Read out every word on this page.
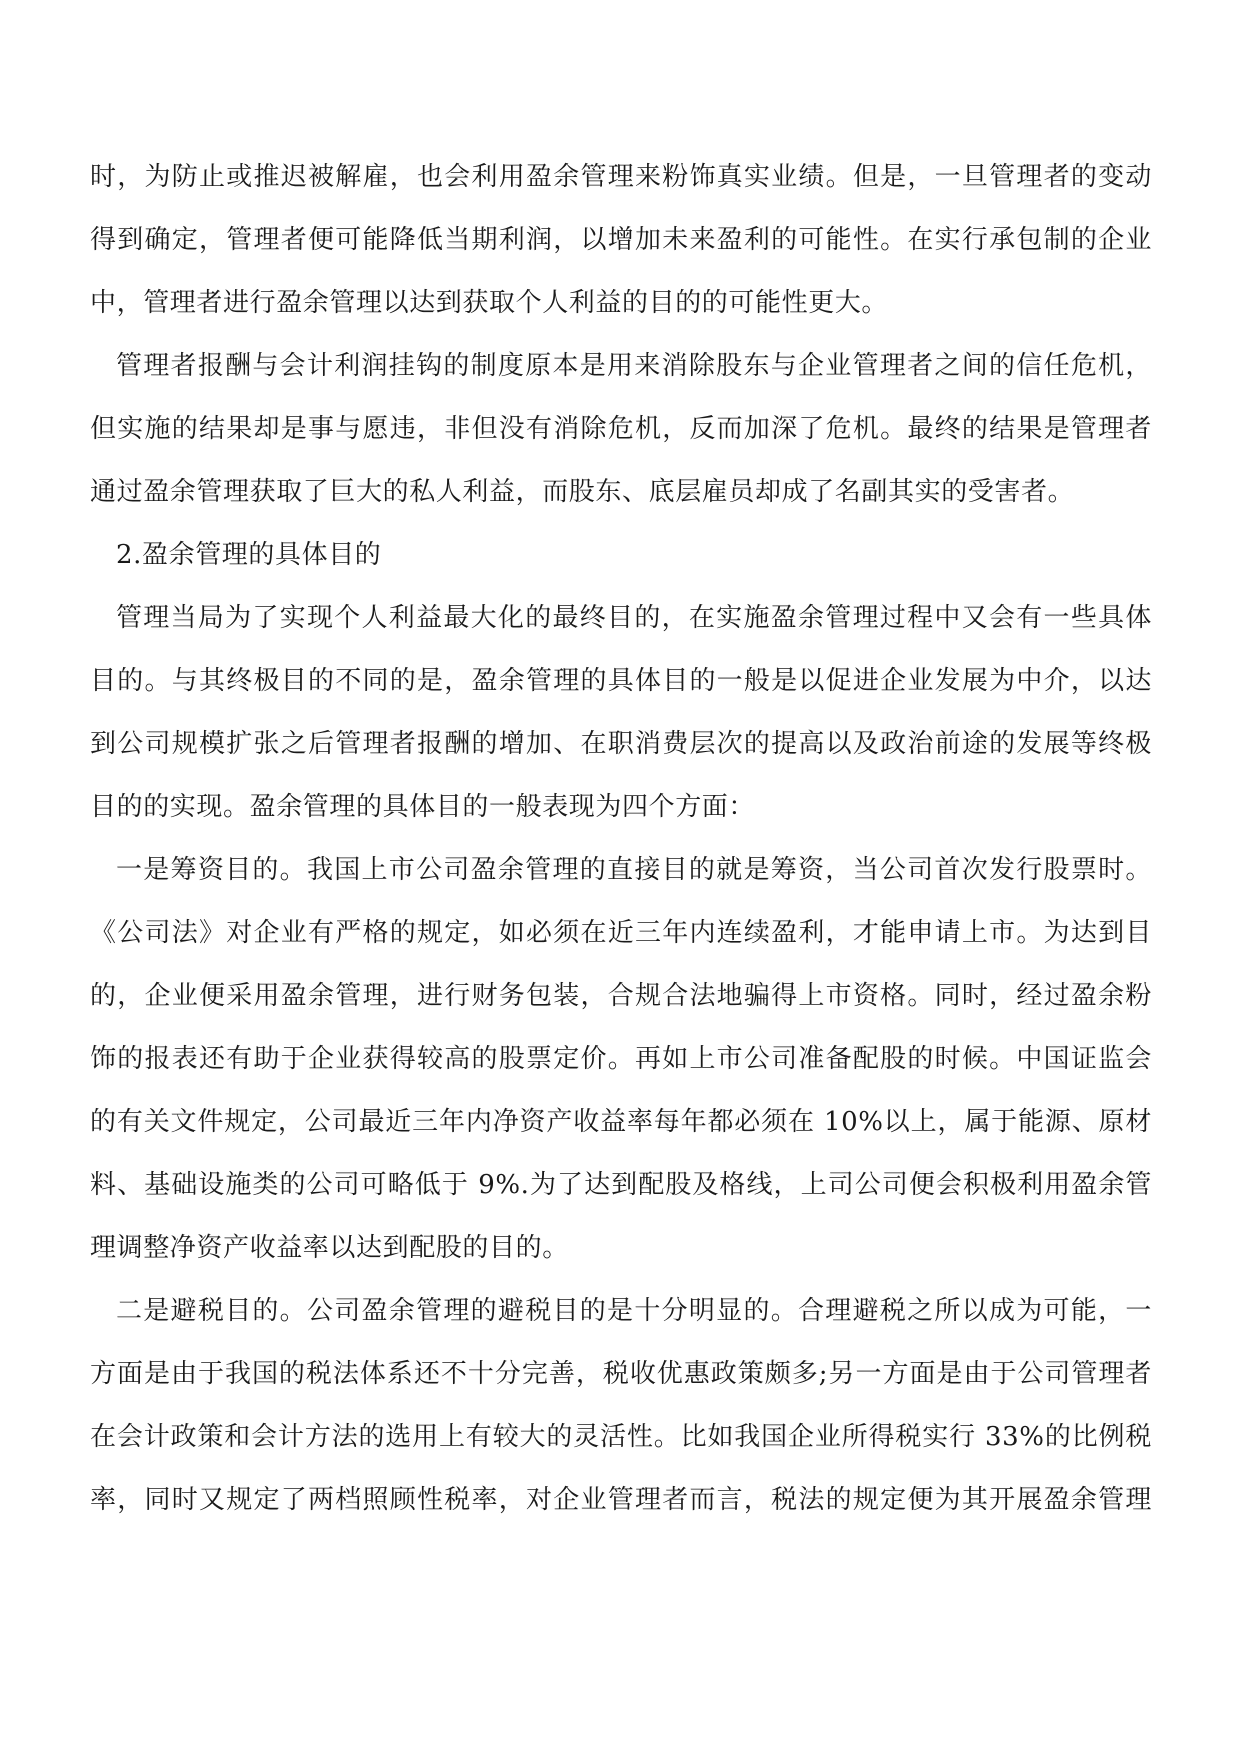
时，为防止或推迟被解雇，也会利用盈余管理来粉饰真实业绩。但是，一旦管理者的变动
得到确定，管理者便可能降低当期利润，以增加未来盈利的可能性。在实行承包制的企业
中，管理者进行盈余管理以达到获取个人利益的目的的可能性更大。

管理者报酬与会计利润挂钩的制度原本是用来消除股东与企业管理者之间的信任危机，
但实施的结果却是事与愿违，非但没有消除危机，反而加深了危机。最终的结果是管理者
通过盈余管理获取了巨大的私人利益，而股东、底层雇员却成了名副其实的受害者。

2.盈余管理的具体目的

管理当局为了实现个人利益最大化的最终目的，在实施盈余管理过程中又会有一些具体
目的。与其终极目的不同的是，盈余管理的具体目的一般是以促进企业发展为中介，以达
到公司规模扩张之后管理者报酬的增加、在职消费层次的提高以及政治前途的发展等终极
目的的实现。盈余管理的具体目的一般表现为四个方面：

一是筹资目的。我国上市公司盈余管理的直接目的就是筹资，当公司首次发行股票时。
《公司法》对企业有严格的规定，如必须在近三年内连续盈利，才能申请上市。为达到目
的，企业便采用盈余管理，进行财务包装，合规合法地骗得上市资格。同时，经过盈余粉
饰的报表还有助于企业获得较高的股票定价。再如上市公司准备配股的时候。中国证监会
的有关文件规定，公司最近三年内净资产收益率每年都必须在 10%以上，属于能源、原材
料、基础设施类的公司可略低于 9%.为了达到配股及格线，上司公司便会积极利用盈余管
理调整净资产收益率以达到配股的目的。

二是避税目的。公司盈余管理的避税目的是十分明显的。合理避税之所以成为可能，一
方面是由于我国的税法体系还不十分完善，税收优惠政策颇多;另一方面是由于公司管理者
在会计政策和会计方法的选用上有较大的灵活性。比如我国企业所得税实行 33%的比例税
率，同时又规定了两档照顾性税率，对企业管理者而言，税法的规定便为其开展盈余管理
